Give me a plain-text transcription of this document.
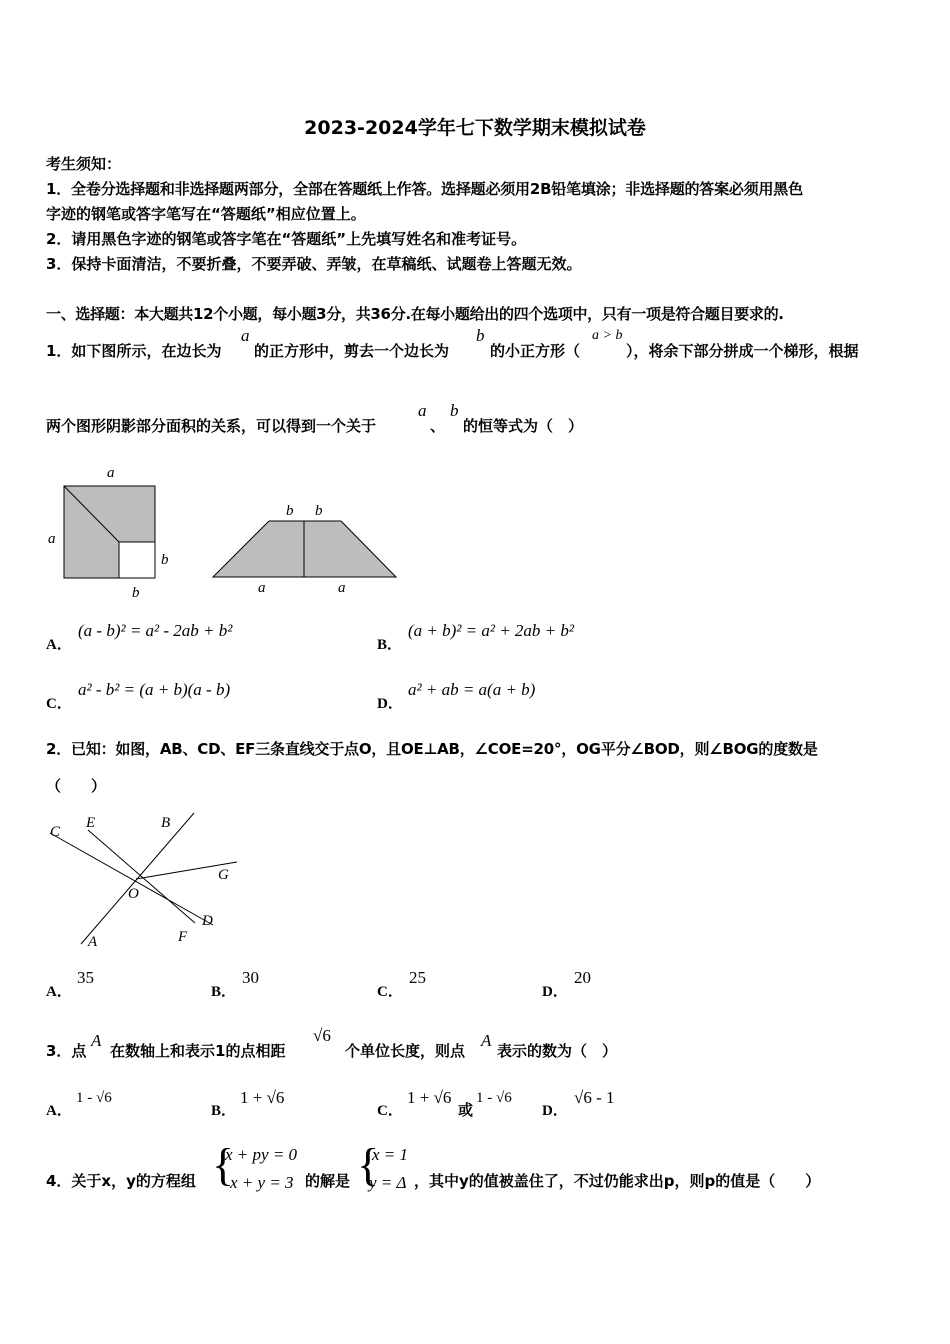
2023-2024学年七下数学期末模拟试卷
考生须知：
1．全卷分选择题和非选择题两部分，全部在答题纸上作答。选择题必须用2B铅笔填涂；非选择题的答案必须用黑色
字迹的钢笔或答字笔写在“答题纸”相应位置上。
2．请用黑色字迹的钢笔或答字笔在“答题纸”上先填写姓名和准考证号。
3．保持卡面清洁，不要折叠，不要弄破、弄皱，在草稿纸、试题卷上答题无效。
一、选择题：本大题共12个小题，每小题3分，共36分.在每小题给出的四个选项中，只有一项是符合题目要求的.
1．如下图所示，在边长为
a
的正方形中，剪去一个边长为
b
的小正方形（
a > b
），将余下部分拼成一个梯形，根据
两个图形阴影部分面积的关系，可以得到一个关于
a
、
b
的恒等式为（　）
a
a
b
b
b b
a	a
A．
(a - b)² = a² - 2ab + b²
B．
(a + b)² = a² + 2ab + b²
C．
a² - b² = (a + b)(a - b)
D．
a² + ab = a(a + b)
2．已知：如图，AB、CD、EF三条直线交于点O，且OE⊥AB，∠COE=20°，OG平分∠BOD，则∠BOG的度数是
（　　）
C
E	B
G
O
D
F
A
A．
35
B．
30
C．
25
D．
20
3．点
A
在数轴上和表示1的点相距
√6
个单位长度，则点
A
表示的数为（　）
A．
1 - √6
B．
1 + √6
C．
1 + √6
或
1 - √6
D．
√6 - 1
4．关于x，y的方程组 {
x + py = 0
x + y = 3 的解是 {
x = 1
y = Δ ，其中y的值被盖住了，不过仍能求出p，则p的值是（　　）
